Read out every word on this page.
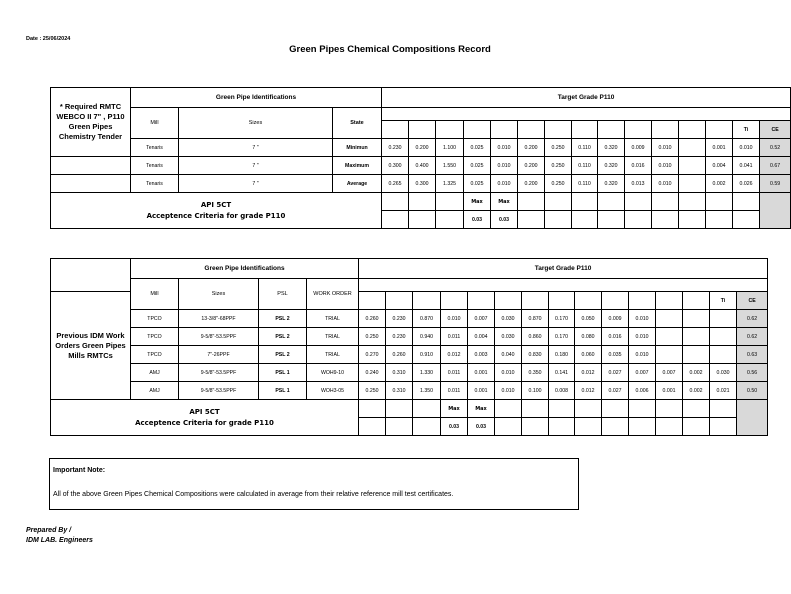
Date : 25/06/2024
Green Pipes Chemical Compositions Record
* Required RMTC WEBCO II 7" , P110 Green Pipes Chemistry Tender	Green Pipe Identifications			Target Grade P110														
	Mill	Sizes	State															
																	Ti	CE
	Tenaris	7 "	Minimun	0.230	0.200	1.100	0.025	0.010	0.200	0.250	0.110	0.320	0.009	0.010		0.001	0.010	0.52
	Tenaris	7 "	Maximum	0.300	0.400	1.550	0.025	0.010	0.200	0.250	0.110	0.320	0.016	0.010		0.004	0.041	0.67
	Tenaris	7 "	Average	0.265	0.300	1.325	0.025	0.010	0.200	0.250	0.110	0.320	0.013	0.010		0.002	0.026	0.59
API 5CT
Acceptence Criteria for grade P110							Max	Max										
							0.03	0.03										
	Green Pipe Identifications				Target Grade P110														
	Mill	Sizes	PSL	WORK ORDER															
Previous IDM Work Orders Green Pipes Mills RMTCs																		Ti	CE
	TPCO	13-3/8"-68PPF	PSL 2	TRIAL	0.260	0.230	0.870	0.010	0.007	0.030	0.870	0.170	0.050	0.009	0.010				0.62
	TPCO	9-5/8"-53.5PPF	PSL 2	TRIAL	0.250	0.230	0.940	0.011	0.004	0.030	0.860	0.170	0.080	0.016	0.010				0.62
	TPCO	7"-26PPF	PSL 2	TRIAL	0.270	0.260	0.910	0.012	0.003	0.040	0.830	0.180	0.060	0.035	0.010				0.63
	AMJ	9-5/8"-53.5PPF	PSL 1	WOH9-10	0.240	0.310	1.330	0.011	0.001	0.010	0.350	0.141	0.012	0.027	0.007	0.007	0.002	0.030	0.56
	AMJ	9-5/8"-53.5PPF	PSL 1	WOH3-05	0.250	0.310	1.350	0.011	0.001	0.010	0.100	0.008	0.012	0.027	0.006	0.001	0.002	0.021	0.50
API 5CT
Acceptence Criteria for grade P110								Max	Max										
								0.03	0.03										
Important Note:
All of the above Green Pipes Chemical Compositions were calculated in average from their relative reference mill test certificates.
Prepared By /
IDM LAB. Engineers
